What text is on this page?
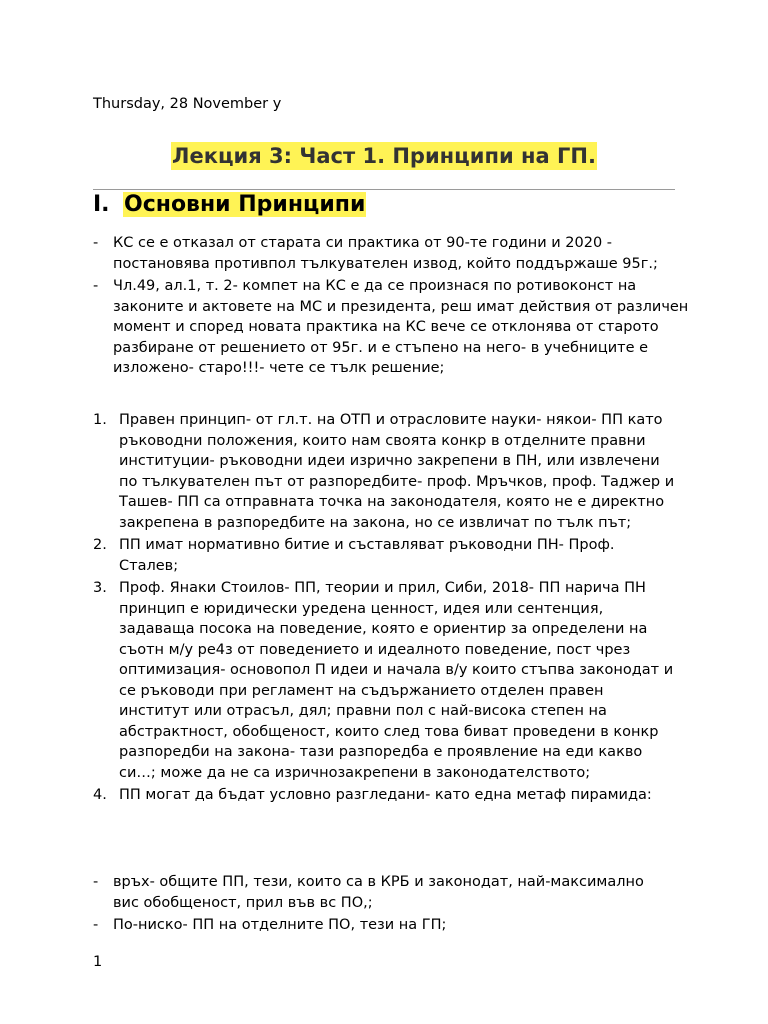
Thursday, 28 November y
Лекция 3: Част 1. Принципи на ГП.
I. Основни Принципи
- КС се е отказал от старата си практика от 90-те години и 2020 - постановява противпол тълкувателен извод, който поддържаше 95г.;
- Чл.49, ал.1, т. 2- компет на КС е да се произнася по ротивоконст на законите и актовете на МС и президента, реш имат действия от различен момент и според новата практика на КС вече се отклонява от старото разбиране от решението от 95г. и е стъпено на него- в учебниците е изложено- старо!!!- чете се тълк решение;
1. Правен принцип- от гл.т. на ОТП и отрасловите науки- някои- ПП като ръководни положения, които нам своята конкр в отделните правни институции- ръководни идеи изрично закрепени в ПН, или извлечени по тълкувателен път от разпоредбите- проф. Мръчков, проф. Таджер и Ташев- ПП са отправната точка на законодателя, която не е директно закрепена в разпоредбите на закона, но се извличат по тълк път;
2. ПП имат нормативно битие и съставляват ръководни ПН- Проф. Сталев;
3. Проф. Янаки Стоилов- ПП, теории и прил, Сиби, 2018- ПП нарича ПН принцип е юридически уредена ценност, идея или сентенция, задаваща посока на поведение, която е ориентир за определени на съотн м/у ре4з от поведението и идеалното поведение, пост чрез оптимизация- основопол П идеи и начала в/у които стъпва законодат и се ръководи при регламент на съдържанието отделен правен институт или отрасъл, дял; правни пол с най-висока степен на абстрактност, обобщеност, които след това биват проведени в конкр разпоредби на закона- тази разпоредба е проявление на еди какво си…; може да не са изричнозакрепени в законодателството;
4. ПП могат да бъдат условно разгледани- като една метаф пирамида:
- връх- общите ПП, тези, които са в КРБ и законодат, най-максимално вис обобщеност, прил във вс ПО,;
- По-ниско- ПП на отделните ПО, тези на ГП;
1
